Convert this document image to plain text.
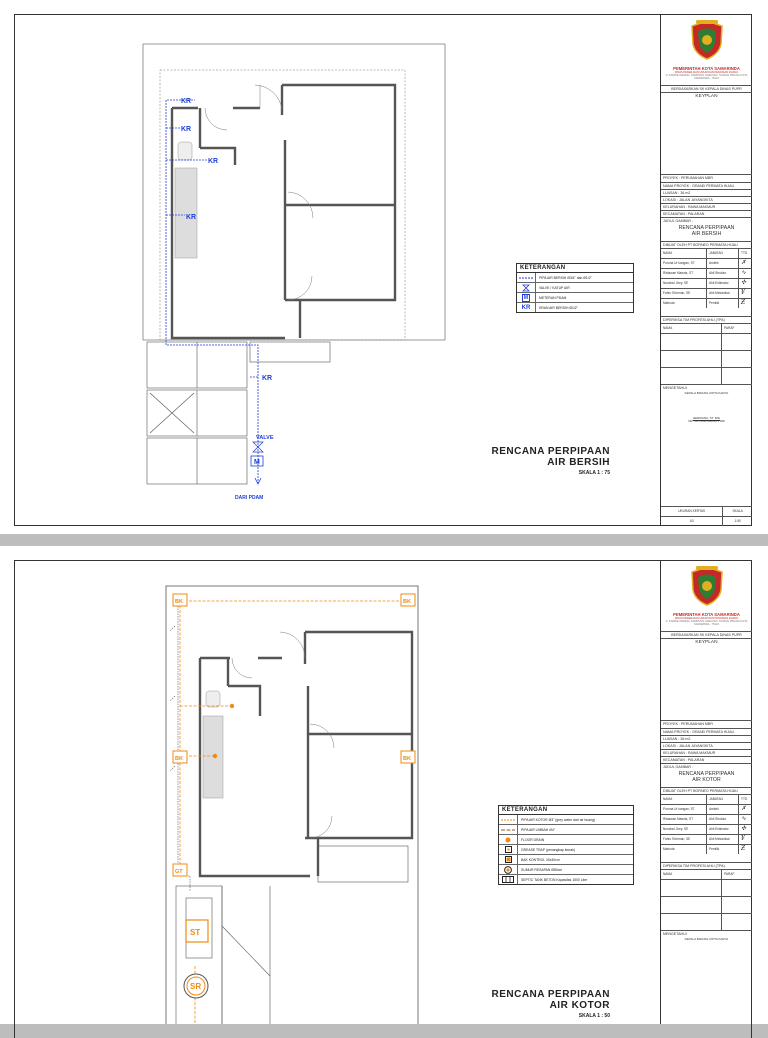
KR
KR
KR
KR
KR
VALVE
DARI PDAM
M
KETERANGAN
PIPA AIR BERSIH Ø3/4" dan Ø1/2"
VALVE / KATUP AIR
M	METERAN PDAM
KR	KRAN AIR BERSIH Ø1/2"
RENCANA PERPIPAAN
AIR BERSIH
SKALA 1 : 75
PEMERINTAH KOTA SAMARINDA
DINAS PEKERJAAN UMUM DAN PENATAAN RUANG
Jl. KADRIE OENING, KAMPUNG JAWA KEC. SUNGAI PINANG KOTA SAMARINDA - 75124
BERDASARKAN SK KEPALA DINAS PUPR
KEYPLAN
PROYEK : PERUMAHAN MBR
NAMA PROYEK : GRAND PERMATA HIJAU
LUASAN : 36 m2
LOKASI : JALAN JAYANGKITA
KELURAHAN : RAWA MAKMUR
KECAMATAN : PALARAN
JUDUL GAMBAR :
RENCANA PERPIPAAN
AIR BERSIH
DIBUAT OLEH PT BORNEO PERMATA HIJAU
NAMA	JABATAN	TTD
Puruna Ur kangan, ST	Arsitek	✗
Ristawan Mawria, ST	Ahli Struktur	∿
Nurainul Jirey, SE	Ahli Estimator	✣
Fahru Rohman, SE	Ahli Mekanikal	¥
Markota	Pemilik	Ƶ
DIPERIKSA TIM PROFESI AHLI (TPA)
NAMA	PARAF

MENGETAHUI
KEPALA BIDANG CIPTA KARYA
HERMANA, ST, MSi
NIP. 19770410 200604 1 008
UKURAN KERTAS	SKALA
A3	1:50
BK	BK
BK	BK
GT
ST
SR
KETERANGAN
PIPA AIR KOTOR Ø3" (grey water dari air buang)
PIPA AIR LIMBAH Ø4"
FLOOR DRAIN
GREASE TRAP (penangkap lemak)
BAK KONTROL 30x30cm
SUMUR RESAPAN Ø80cm
SEPTIC TANK BETON Kapasitas 1500 Liter
RENCANA PERPIPAAN
AIR KOTOR
SKALA 1 : 50
PEMERINTAH KOTA SAMARINDA
DINAS PEKERJAAN UMUM DAN PENATAAN RUANG
Jl. KADRIE OENING, KAMPUNG JAWA KEC. SUNGAI PINANG KOTA SAMARINDA - 75124
BERDASARKAN SK KEPALA DINAS PUPR
KEYPLAN
PROYEK : PERUMAHAN MBR
NAMA PROYEK : GRAND PERMATA HIJAU
LUASAN : 36 m2
LOKASI : JALAN JAYANGKITA
KELURAHAN : RAWA MAKMUR
KECAMATAN : PALARAN
JUDUL GAMBAR :
RENCANA PERPIPAAN
AIR KOTOR
DIBUAT OLEH PT BORNEO PERMATA HIJAU
NAMA	JABATAN	TTD
Puruna Ur kangan, ST	Arsitek	✗
Ristawan Mawria, ST	Ahli Struktur	∿
Nurainul Jirey, SE	Ahli Estimator	✣
Fahru Rohman, SE	Ahli Mekanikal	¥
Markota	Pemilik	Ƶ
DIPERIKSA TIM PROFESI AHLI (TPA)
NAMA	PARAF

MENGETAHUI
KEPALA BIDANG CIPTA KARYA
